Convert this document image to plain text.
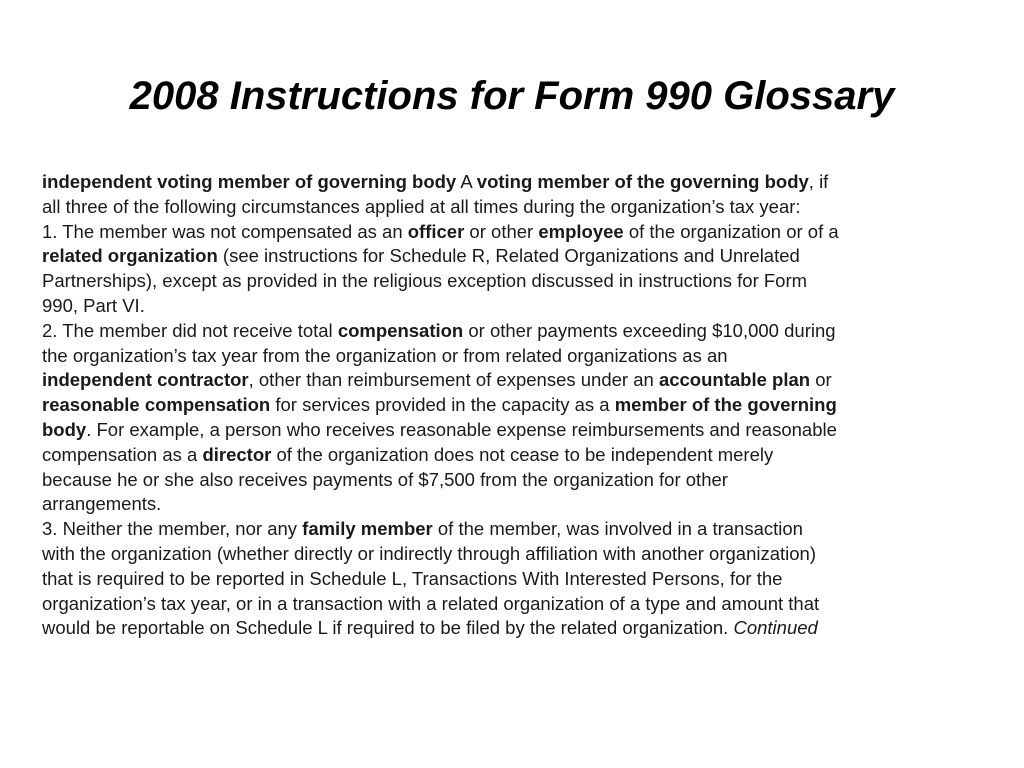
2008 Instructions for Form 990 Glossary
independent voting member of governing body A voting member of the governing body, if
all three of the following circumstances applied at all times during the organization’s tax year:
1. The member was not compensated as an officer or other employee of the organization or of a
related organization (see instructions for Schedule R, Related Organizations and Unrelated
Partnerships), except as provided in the religious exception discussed in instructions for Form
990, Part VI.
2. The member did not receive total compensation or other payments exceeding $10,000 during
the organization’s tax year from the organization or from related organizations as an
independent contractor, other than reimbursement of expenses under an accountable plan or
reasonable compensation for services provided in the capacity as a member of the governing
body. For example, a person who receives reasonable expense reimbursements and reasonable
compensation as a director of the organization does not cease to be independent merely
because he or she also receives payments of $7,500 from the organization for other
arrangements.
3. Neither the member, nor any family member of the member, was involved in a transaction
with the organization (whether directly or indirectly through affiliation with another organization)
that is required to be reported in Schedule L, Transactions With Interested Persons, for the
organization’s tax year, or in a transaction with a related organization of a type and amount that
would be reportable on Schedule L if required to be filed by the related organization. Continued
